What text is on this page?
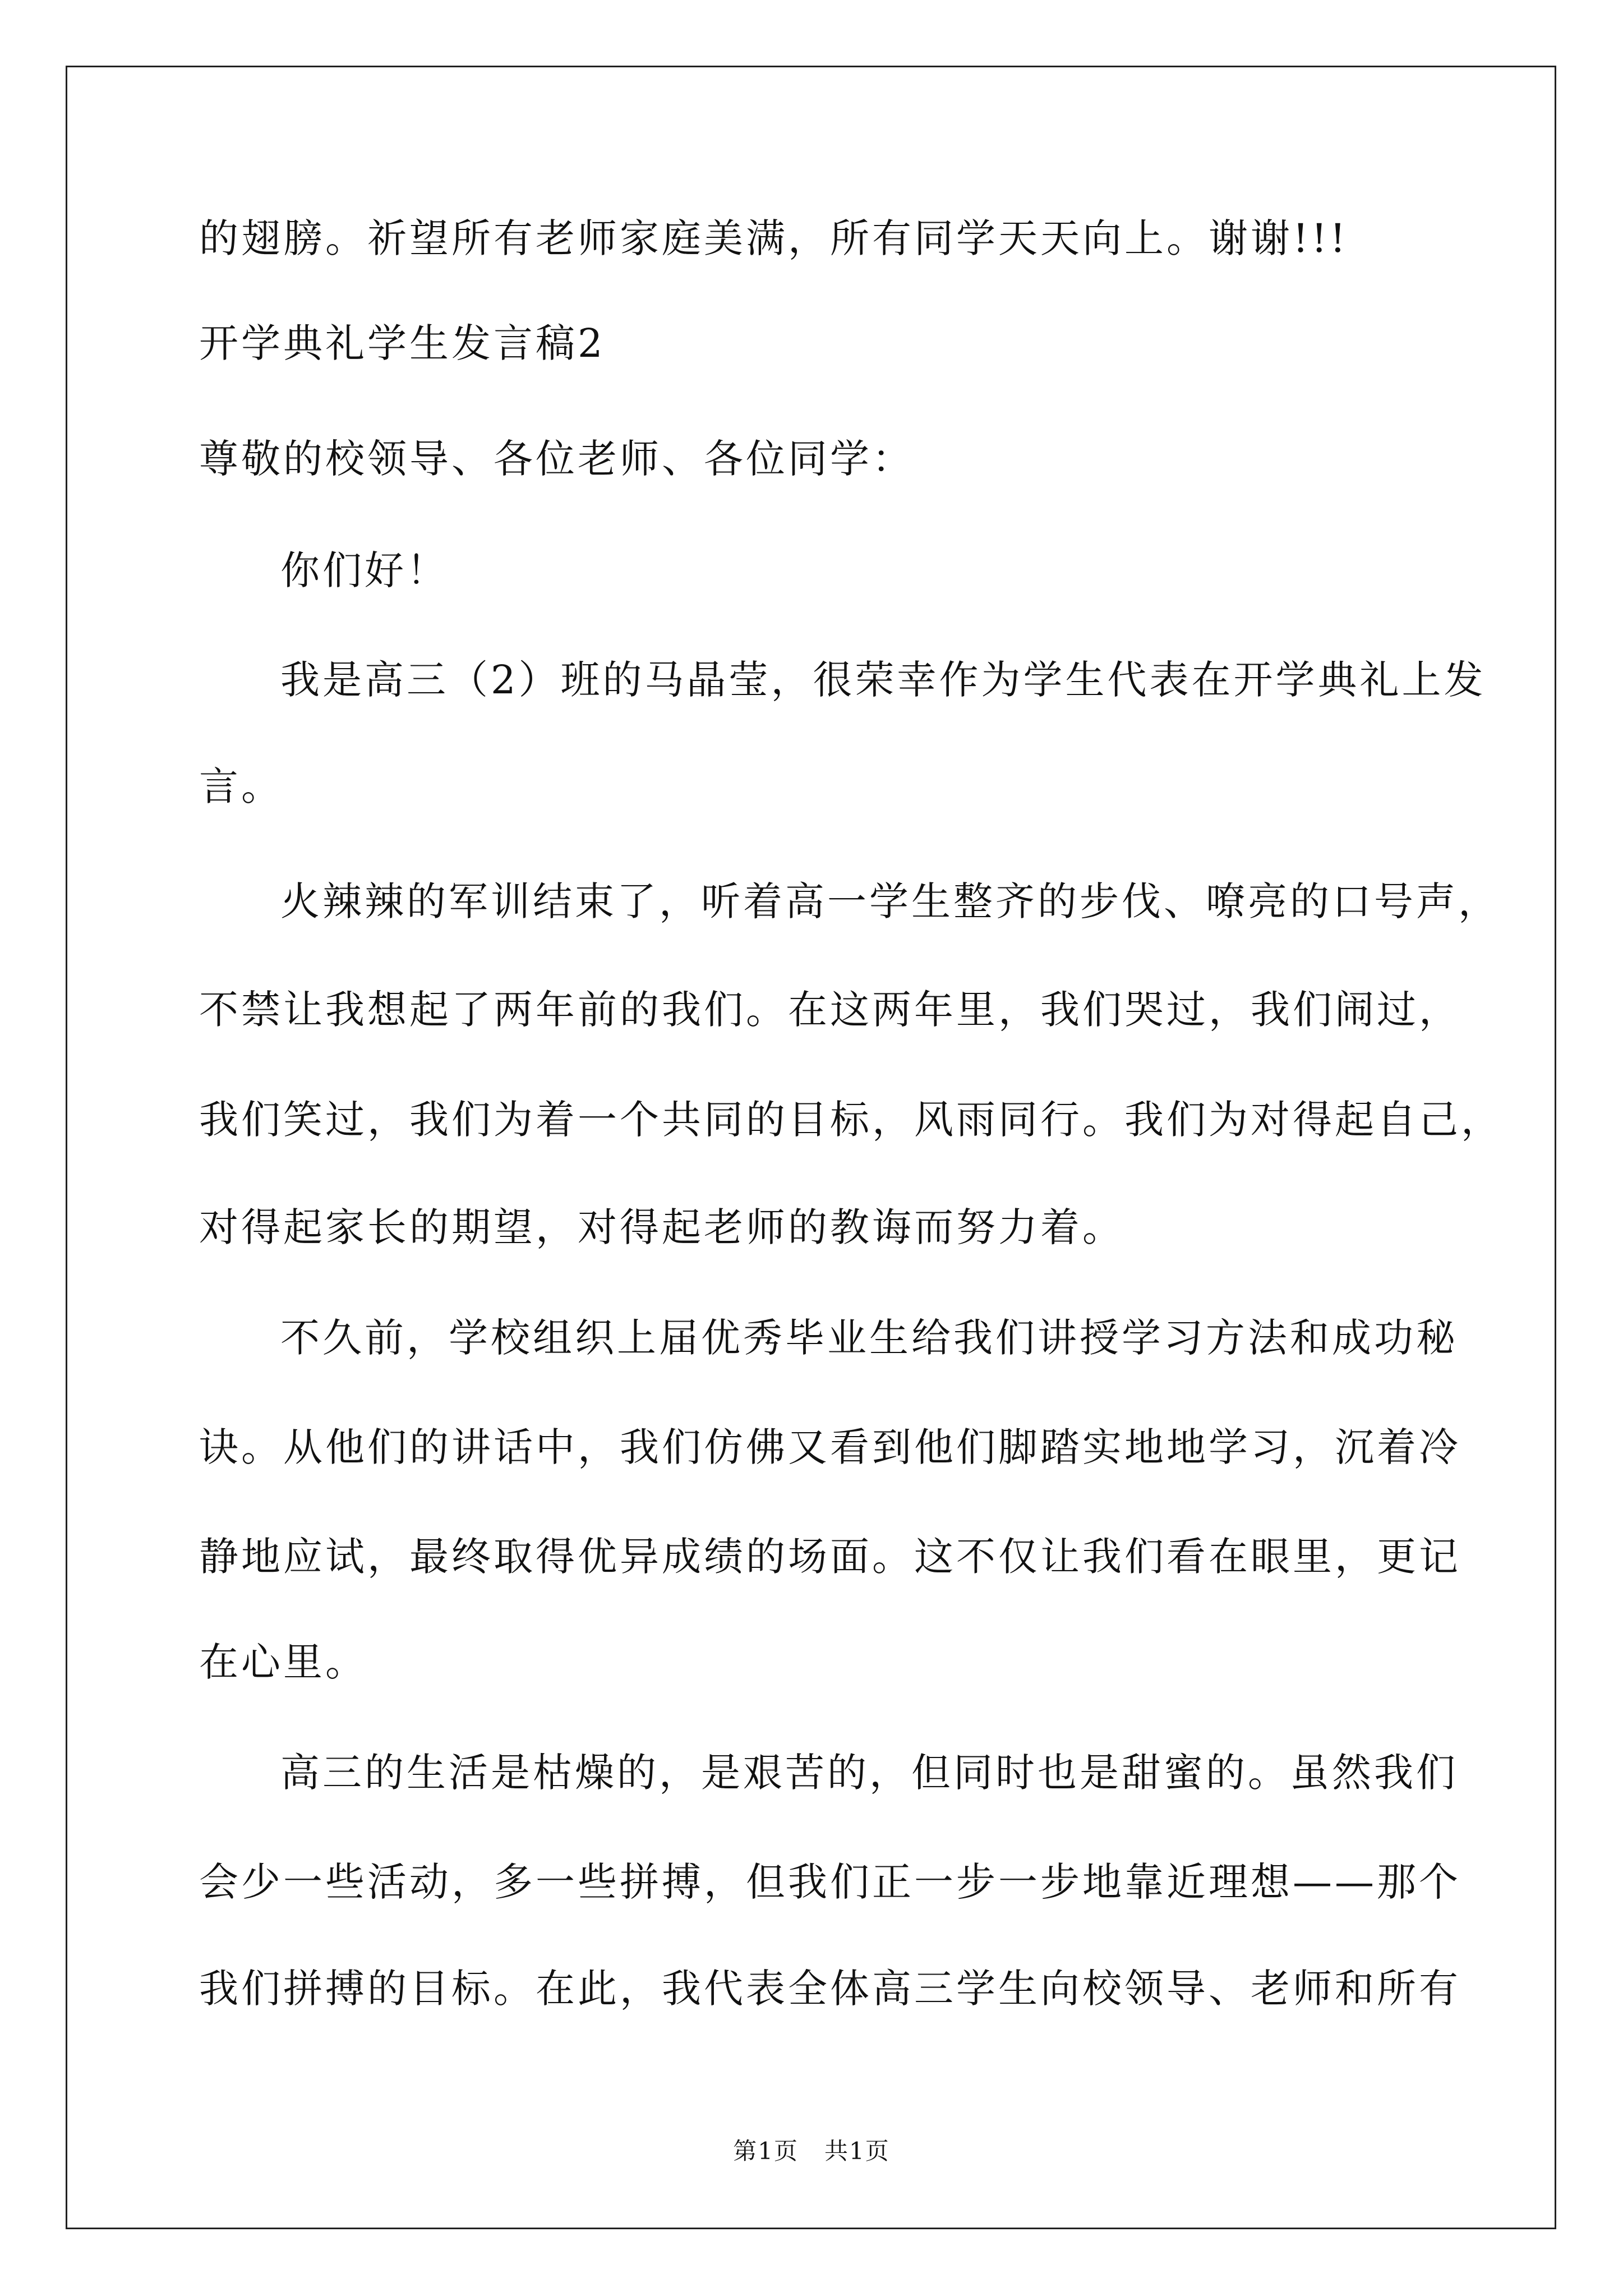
的翅膀。祈望所有老师家庭美满，所有同学天天向上。谢谢!!!
开学典礼学生发言稿2
尊敬的校领导、各位老师、各位同学：
你们好！
我是高三（2）班的马晶莹，很荣幸作为学生代表在开学典礼上发
言。
火辣辣的军训结束了，听着高一学生整齐的步伐、嘹亮的口号声，
不禁让我想起了两年前的我们。在这两年里，我们哭过，我们闹过，
我们笑过，我们为着一个共同的目标，风雨同行。我们为对得起自己，
对得起家长的期望，对得起老师的教诲而努力着。
不久前，学校组织上届优秀毕业生给我们讲授学习方法和成功秘
诀。从他们的讲话中，我们仿佛又看到他们脚踏实地地学习，沉着冷
静地应试，最终取得优异成绩的场面。这不仅让我们看在眼里，更记
在心里。
高三的生活是枯燥的，是艰苦的，但同时也是甜蜜的。虽然我们
会少一些活动，多一些拼搏，但我们正一步一步地靠近理想——那个
我们拼搏的目标。在此，我代表全体高三学生向校领导、老师和所有
第1页   共1页
